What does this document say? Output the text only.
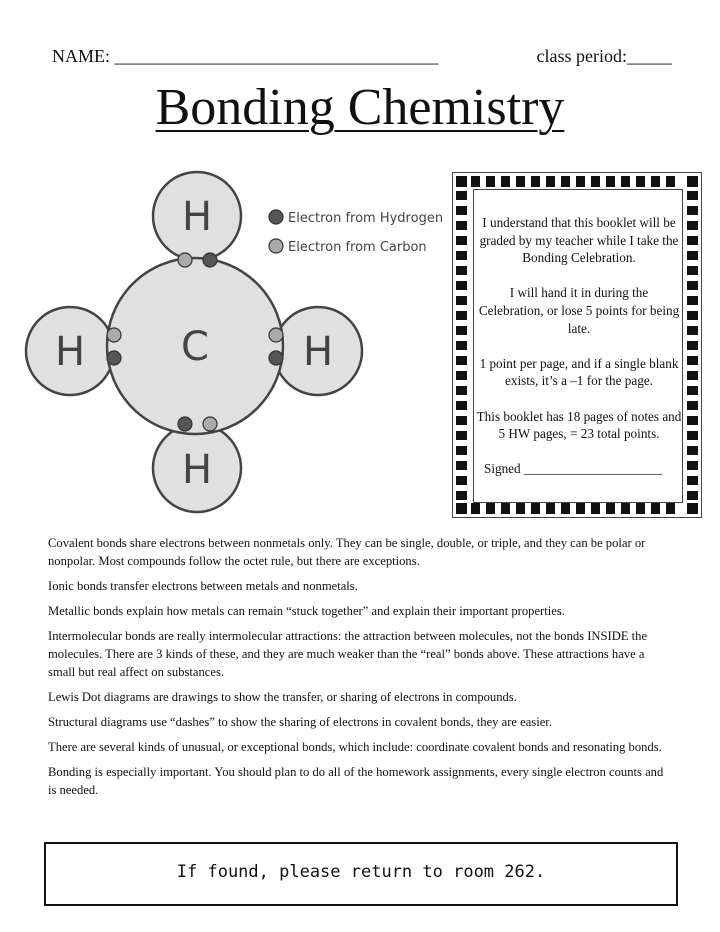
NAME: ____________________________________	class period:_____
Bonding Chemistry
C
H
H	H
H
Electron from Hydrogen
Electron from Carbon

I understand that this booklet will be graded by my teacher while I take the Bonding Celebration.

I will hand it in during the Celebration, or lose 5 points for being late.

1 point per page, and if a single blank exists, it’s a –1 for the page.

This booklet has 18 pages of notes and 5 HW pages, = 23 total points.

Signed _____________________

Covalent bonds share electrons between nonmetals only. They can be single, double, or triple, and they can be polar or nonpolar. Most compounds follow the octet rule, but there are exceptions.

Ionic bonds transfer electrons between metals and nonmetals.

Metallic bonds explain how metals can remain “stuck together” and explain their important properties.

Intermolecular bonds are really intermolecular attractions: the attraction between molecules, not the bonds INSIDE the molecules. There are 3 kinds of these, and they are much weaker than the “real” bonds above. These attractions have a small but real affect on substances.

Lewis Dot diagrams are drawings to show the transfer, or sharing of electrons in compounds.

Structural diagrams use “dashes” to show the sharing of electrons in covalent bonds, they are easier.

There are several kinds of unusual, or exceptional bonds, which include: coordinate covalent bonds and resonating bonds.

Bonding is especially important. You should plan to do all of the homework assignments, every single electron counts and is needed.

If found, please return to room 262.
